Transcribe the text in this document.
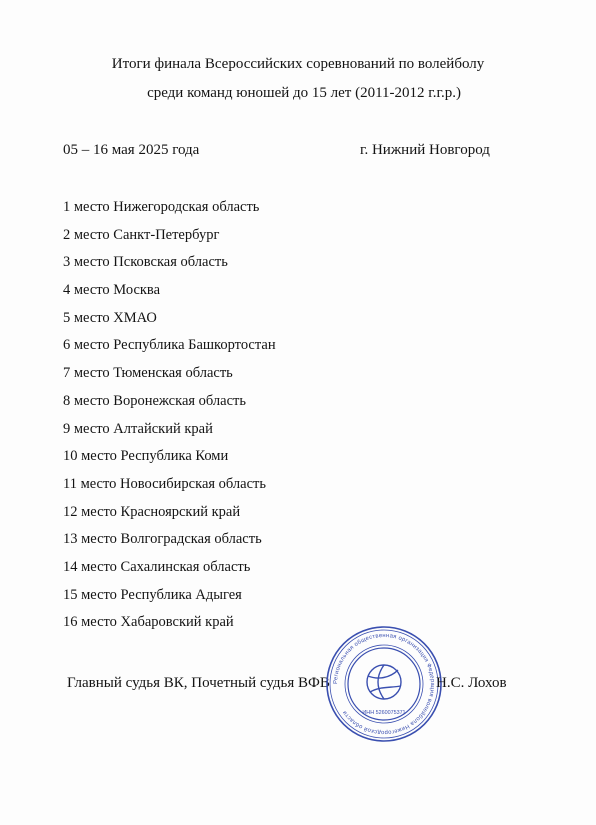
Итоги финала Всероссийских соревнований по волейболу
среди команд юношей до 15 лет (2011-2012 г.г.р.)
05 – 16 мая 2025 года	г. Нижний Новгород
1 место Нижегородская область
2 место Санкт-Петербург
3 место Псковская область
4 место Москва
5 место ХМАО
6 место Республика Башкортостан
7 место Тюменская область
8 место Воронежская область
9 место Алтайский край
10 место Республика Коми
11 место Новосибирская область
12 место Красноярский край
13 место Волгоградская область
14 место Сахалинская область
15 место Республика Адыгея
16 место Хабаровский край
Главный судья ВК, Почетный судья ВФВ Региональная общественная организация Федерация волейбола Нижегородской области	ИНН 5260075371
Н.С. Лохов
